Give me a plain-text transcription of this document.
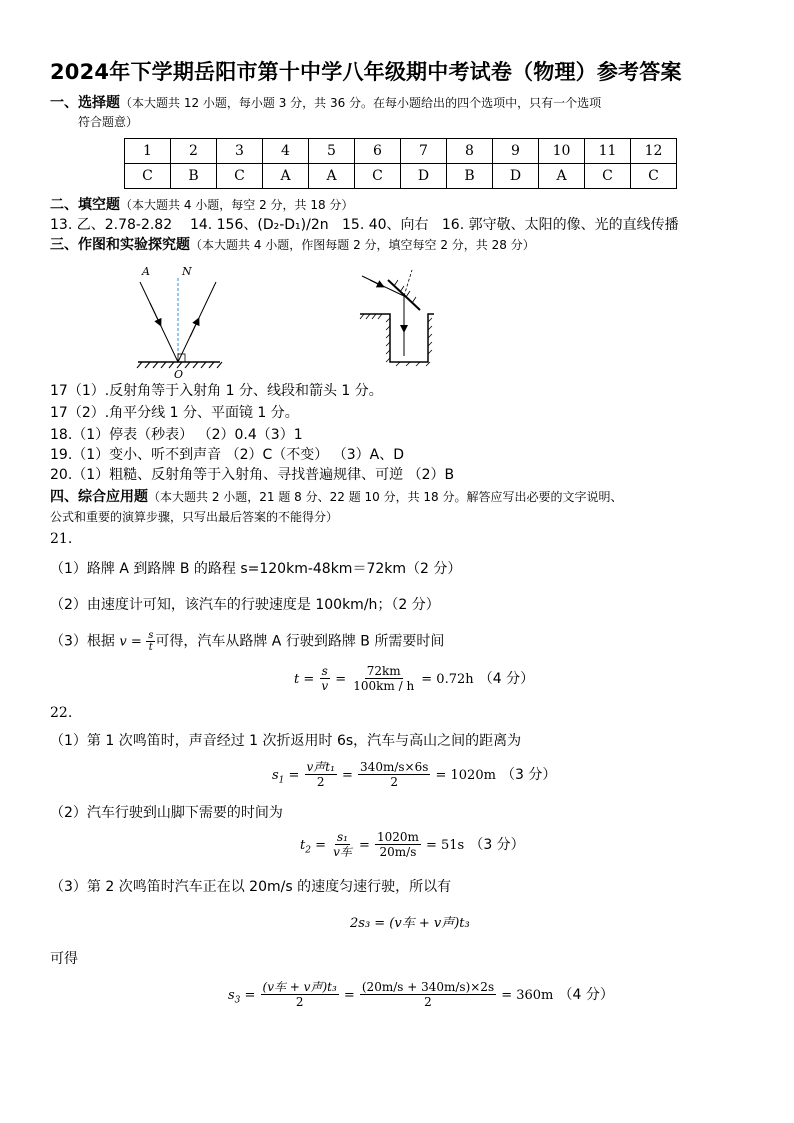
2024年下学期岳阳市第十中学八年级期中考试卷（物理）参考答案
一、选择题（本大题共 12 小题，每小题 3 分，共 36 分。在每小题给出的四个选项中，只有一个选项
符合题意）
1	2	3	4	5	6	7	8	9	10	11	12
C	B	C	A	A	C	D	B	D	A	C	C
二、填空题（本大题共 4 小题，每空 2 分，共 18 分）
13. 乙、2.78-2.82 14. 156、(D₂-D₁)/2n 15. 40、向右 16. 郭守敬、太阳的像、光的直线传播
三、作图和实验探究题（本大题共 4 小题，作图每题 2 分，填空每空 2 分，共 28 分）
A	N
O
17（1）.反射角等于入射角 1 分、线段和箭头 1 分。
17（2）.角平分线 1 分、平面镜 1 分。
18.（1）停表（秒表） （2）0.4（3）1
19.（1）变小、听不到声音 （2）C（不变） （3）A、D
20.（1）粗糙、反射角等于入射角、寻找普遍规律、可逆 （2）B
四、综合应用题（本大题共 2 小题，21 题 8 分、22 题 10 分，共 18 分。解答应写出必要的文字说明、
公式和重要的演算步骤，只写出最后答案的不能得分）
21.
（1）路牌 A 到路牌 B 的路程 s=120km-48km＝72km（2 分）
（2）由速度计可知，该汽车的行驶速度是 100km/h；（2 分）
（3）根据 $v = \frac{s}{t}$ 可得，汽车从路牌 A 行驶到路牌 B 所需要时间
$t = \frac{s}{v} = \frac{72km}{100km / h} = 0.72h$ （4 分）
22.
（1）第 1 次鸣笛时，声音经过 1 次折返用时 6s，汽车与高山之间的距离为
$s_1 = \frac{\text{v声t₁}}{2} = \frac{340m/s\times 6s}{2} = 1020m$ （3 分）
（2）汽车行驶到山脚下需要的时间为
$t_2 = \frac{\text{s₁}}{\text{v车}} = \frac{1020m}{20m/s} = 51s$ （3 分）
（3）第 2 次鸣笛时汽车正在以 20m/s 的速度匀速行驶，所以有
2s₃ = (v车 + v声)t₃
可得
$s_3 = \frac{\text{(v车 + v声)t₃}}{2} = \frac{(20m/s + 340m/s)\times 2s}{2} = 360m$ （4 分）
